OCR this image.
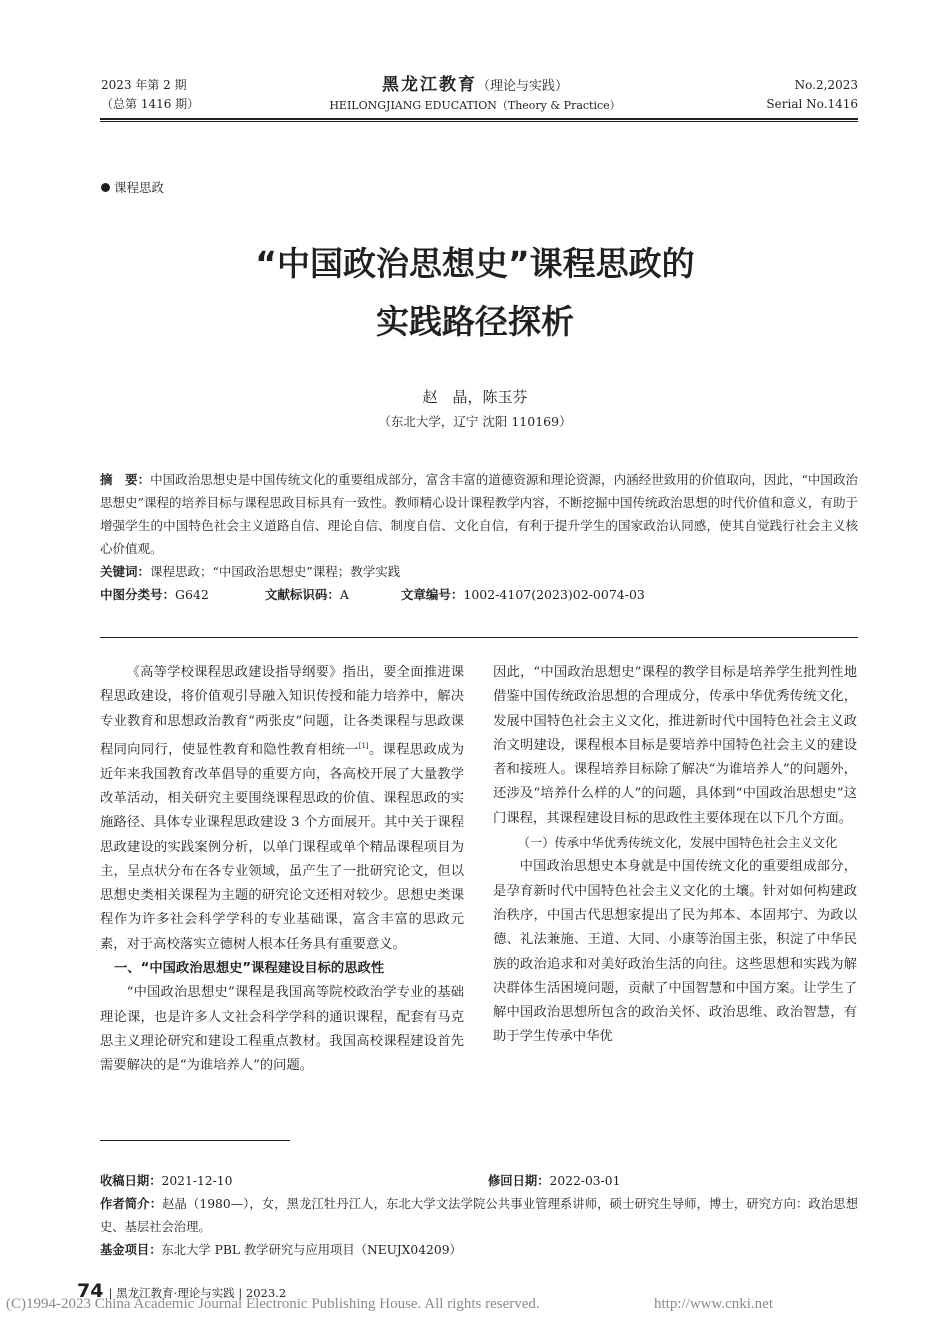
2023 年第 2 期
（总第 1416 期）
黑龙江教育（理论与实践）
HEILONGJIANG EDUCATION（Theory & Practice）
No.2,2023
Serial No.1416
课程思政
“中国政治思想史”课程思政的
实践路径探析
赵　晶，陈玉芬
（东北大学，辽宁 沈阳 110169）
摘　要：中国政治思想史是中国传统文化的重要组成部分，富含丰富的道德资源和理论资源，内涵经世致用的价值取向，因此，“中国政治思想史”课程的培养目标与课程思政目标具有一致性。教师精心设计课程教学内容，不断挖掘中国传统政治思想的时代价值和意义，有助于增强学生的中国特色社会主义道路自信、理论自信、制度自信、文化自信，有利于提升学生的国家政治认同感，使其自觉践行社会主义核心价值观。
关键词：课程思政；“中国政治思想史”课程；教学实践
中图分类号：G642	文献标识码：A	文章编号：1002-4107(2023)02-0074-03

《高等学校课程思政建设指导纲要》指出，要全面推进课程思政建设，将价值观引导融入知识传授和能力培养中，解决专业教育和思想政治教育“两张皮”问题，让各类课程与思政课程同向同行，使显性教育和隐性教育相统一[1]。课程思政成为近年来我国教育改革倡导的重要方向，各高校开展了大量教学改革活动，相关研究主要围绕课程思政的价值、课程思政的实施路径、具体专业课程思政建设 3 个方面展开。其中关于课程思政建设的实践案例分析，以单门课程或单个精品课程项目为主，呈点状分布在各专业领域，虽产生了一批研究论文，但以思想史类相关课程为主题的研究论文还相对较少。思想史类课程作为许多社会科学学科的专业基础课，富含丰富的思政元素，对于高校落实立德树人根本任务具有重要意义。

一、“中国政治思想史”课程建设目标的思政性

“中国政治思想史”课程是我国高等院校政治学专业的基础理论课，也是许多人文社会科学学科的通识课程，配套有马克思主义理论研究和建设工程重点教材。我国高校课程建设首先需要解决的是“为谁培养人”的问题。

因此，“中国政治思想史”课程的教学目标是培养学生批判性地借鉴中国传统政治思想的合理成分，传承中华优秀传统文化，发展中国特色社会主义文化，推进新时代中国特色社会主义政治文明建设，课程根本目标是要培养中国特色社会主义的建设者和接班人。课程培养目标除了解决“为谁培养人”的问题外，还涉及“培养什么样的人”的问题，具体到“中国政治思想史”这门课程，其课程建设目标的思政性主要体现在以下几个方面。

（一）传承中华优秀传统文化，发展中国特色社会主义文化

中国政治思想史本身就是中国传统文化的重要组成部分，是孕育新时代中国特色社会主义文化的土壤。针对如何构建政治秩序，中国古代思想家提出了民为邦本、本固邦宁、为政以德、礼法兼施、王道、大同、小康等治国主张，积淀了中华民族的政治追求和对美好政治生活的向往。这些思想和实践为解决群体生活困境问题，贡献了中国智慧和中国方案。让学生了解中国政治思想所包含的政治关怀、政治思维、政治智慧，有助于学生传承中华优

收稿日期：2021-12-10	修回日期：2022-03-01
作者简介：赵晶（1980—），女，黑龙江牡丹江人，东北大学文法学院公共事业管理系讲师，硕士研究生导师，博士，研究方向：政治思想史、基层社会治理。
基金项目：东北大学 PBL 教学研究与应用项目（NEUJX04209）
74 | 黑龙江教育·理论与实践 | 2023.2
(C)1994-2023 China Academic Journal Electronic Publishing House. All rights reserved.	http://www.cnki.net
